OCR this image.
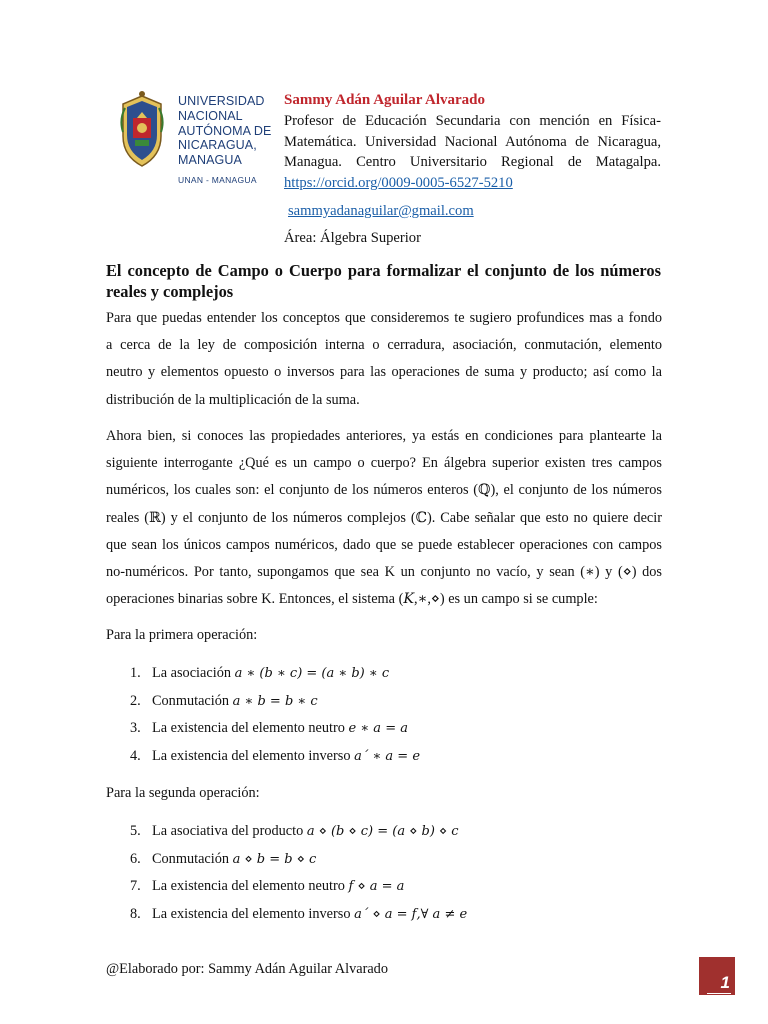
UNIVERSIDAD
NACIONAL
AUTÓNOMA DE
NICARAGUA,
MANAGUA
UNAN - MANAGUA
Sammy Adán Aguilar Alvarado
Profesor de Educación Secundaria con mención en Física-Matemática. Universidad Nacional Autónoma de Nicaragua, Managua. Centro Universitario Regional de Matagalpa. https://orcid.org/0009-0005-6527-5210
sammyadanaguilar@gmail.com
Área: Álgebra Superior
El concepto de Campo o Cuerpo para formalizar el conjunto de los números reales y complejos
Para que puedas entender los conceptos que consideremos te sugiero profundices mas a fondo
a cerca de la ley de composición interna o cerradura, asociación, conmutación, elemento
neutro y elementos opuesto o inversos para las operaciones de suma y producto; así como la
distribución de la multiplicación de la suma.
Ahora bien, si conoces las propiedades anteriores, ya estás en condiciones para plantearte la
siguiente interrogante ¿Qué es un campo o cuerpo? En álgebra superior existen tres campos
numéricos, los cuales son: el conjunto de los números enteros (ℚ), el conjunto de los números
reales (ℝ) y el conjunto de los números complejos (ℂ). Cabe señalar que esto no quiere decir
que sean los únicos campos numéricos, dado que se puede establecer operaciones con campos
no-numéricos. Por tanto, supongamos que sea K un conjunto no vacío, y sean (∗) y (⋄) dos
operaciones binarias sobre K. Entonces, el sistema (𝐾,∗,⋄) es un campo si se cumple:
Para la primera operación:
1. La asociación 𝑎 ∗ (𝑏 ∗ 𝑐) = (𝑎 ∗ 𝑏) ∗ 𝑐
2. Conmutación 𝑎 ∗ 𝑏 = 𝑏 ∗ 𝑐
3. La existencia del elemento neutro 𝑒 ∗ 𝑎 = 𝑎
4. La existencia del elemento inverso 𝑎´ ∗ 𝑎 = 𝑒
Para la segunda operación:
5. La asociativa del producto 𝑎 ⋄ (𝑏 ⋄ 𝑐) = (𝑎 ⋄ 𝑏) ⋄ 𝑐
6. Conmutación 𝑎 ⋄ 𝑏 = 𝑏 ⋄ 𝑐
7. La existencia del elemento neutro 𝑓 ⋄ 𝑎 = 𝑎
8. La existencia del elemento inverso 𝑎´ ⋄ 𝑎 = 𝑓,∀ 𝑎 ≠ 𝑒
@Elaborado por: Sammy Adán Aguilar Alvarado
1
